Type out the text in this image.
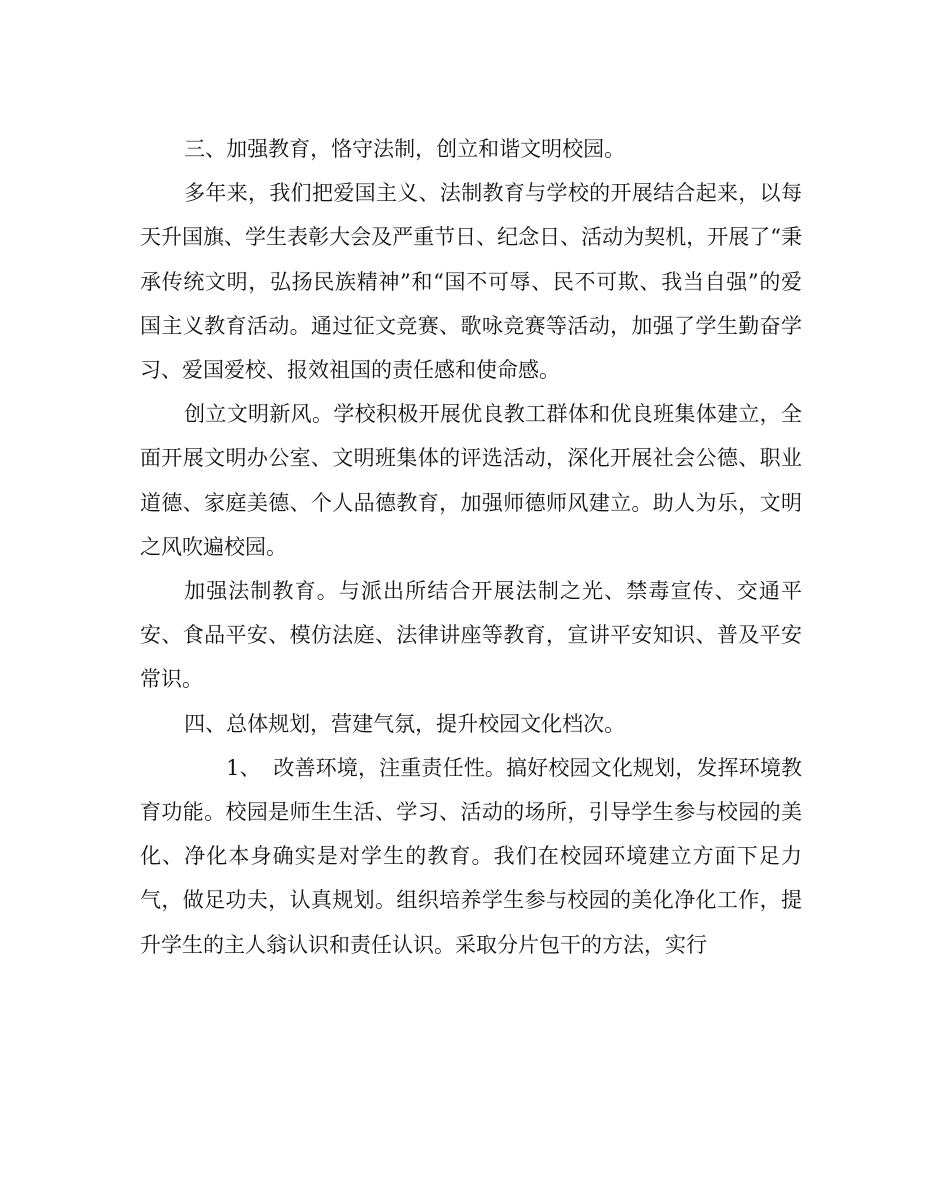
三、加强教育，恪守法制，创立和谐文明校园。

多年来，我们把爱国主义、法制教育与学校的开展结合起来，以每天升国旗、学生表彰大会及严重节日、纪念日、活动为契机，开展了“秉承传统文明，弘扬民族精神”和“国不可辱、民不可欺、我当自强”的爱国主义教育活动。通过征文竞赛、歌咏竞赛等活动，加强了学生勤奋学习、爱国爱校、报效祖国的责任感和使命感。

创立文明新风。学校积极开展优良教工群体和优良班集体建立，全面开展文明办公室、文明班集体的评选活动，深化开展社会公德、职业道德、家庭美德、个人品德教育，加强师德师风建立。助人为乐，文明之风吹遍校园。

加强法制教育。与派出所结合开展法制之光、禁毒宣传、交通平安、食品平安、模仿法庭、法律讲座等教育，宣讲平安知识、普及平安常识。

四、总体规划，营建气氛，提升校园文化档次。

1、 改善环境，注重责任性。搞好校园文化规划，发挥环境教育功能。校园是师生生活、学习、活动的场所，引导学生参与校园的美化、净化本身确实是对学生的教育。我们在校园环境建立方面下足力气，做足功夫，认真规划。组织培养学生参与校园的美化净化工作，提升学生的主人翁认识和责任认识。采取分片包干的方法，实行
